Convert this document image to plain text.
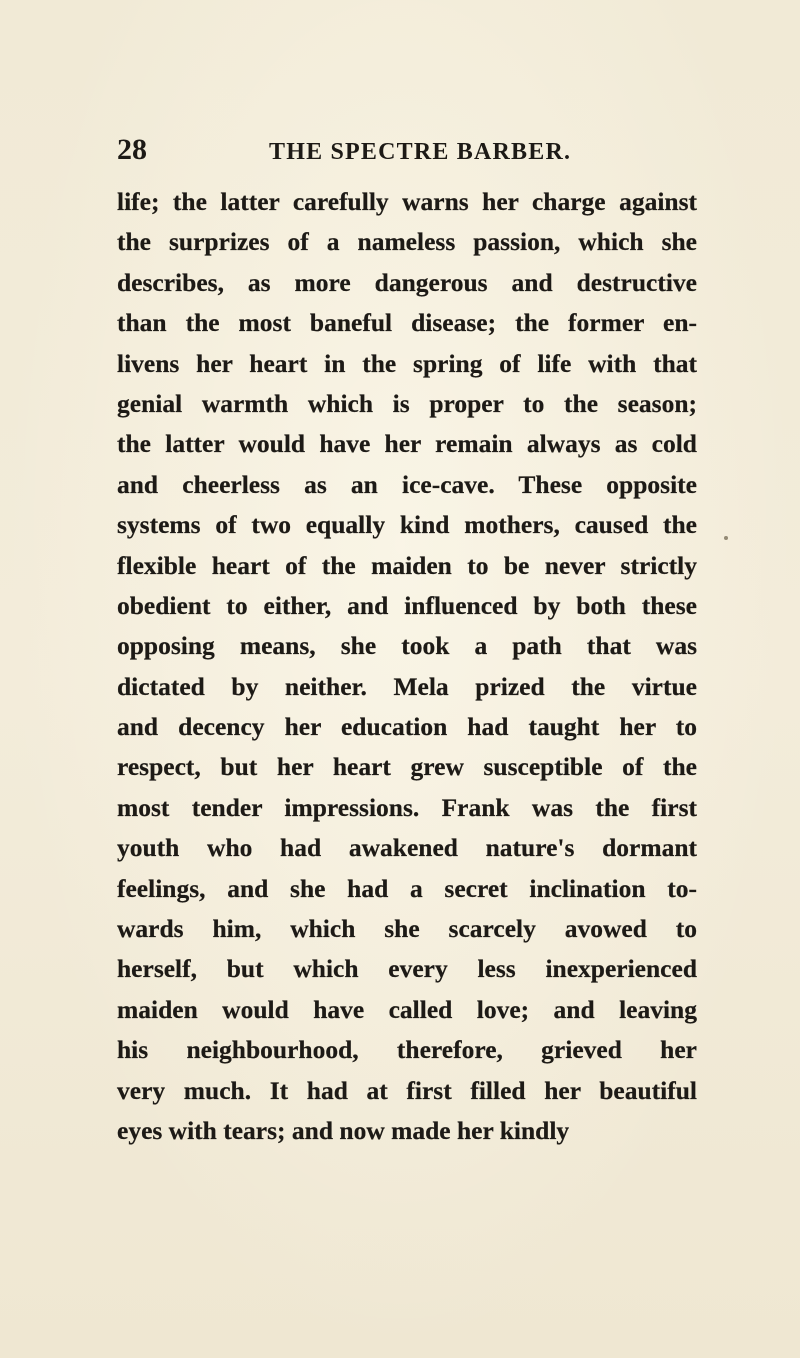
28	THE SPECTRE BARBER.
life; the latter carefully warns her charge against
the surprizes of a nameless passion, which she
describes, as more dangerous and destructive
than the most baneful disease; the former en-
livens her heart in the spring of life with that
genial warmth which is proper to the season;
the latter would have her remain always as cold
and cheerless as an ice-cave. These opposite
systems of two equally kind mothers, caused the
flexible heart of the maiden to be never strictly
obedient to either, and influenced by both these
opposing means, she took a path that was
dictated by neither. Mela prized the virtue
and decency her education had taught her to
respect, but her heart grew susceptible of the
most tender impressions. Frank was the first
youth who had awakened nature's dormant
feelings, and she had a secret inclination to-
wards him, which she scarcely avowed to
herself, but which every less inexperienced
maiden would have called love; and leaving
his neighbourhood, therefore, grieved her
very much. It had at first filled her beautiful
eyes with tears; and now made her kindly
